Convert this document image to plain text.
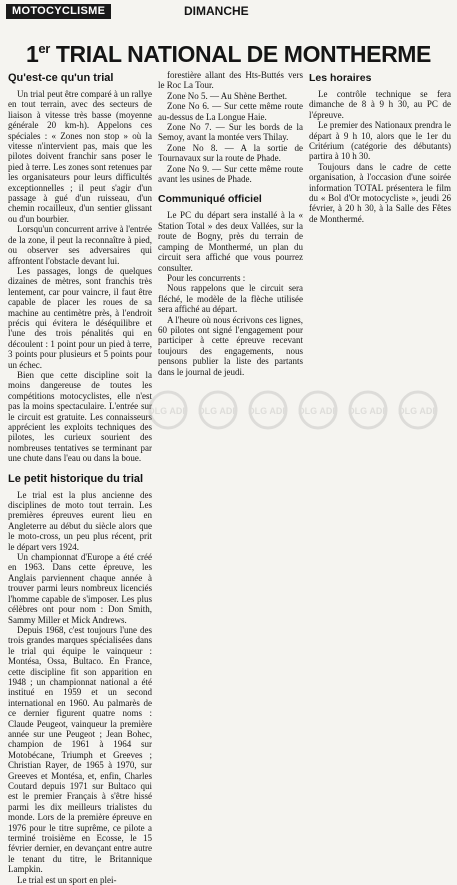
MOTOCYCLISME	DIMANCHE
1er TRIAL NATIONAL DE MONTHERME
Qu'est-ce qu'un trial

Un trial peut être comparé à un rallye en tout terrain, avec des secteurs de liaison à vitesse très basse (moyenne générale 20 km-h). Appelons ces spéciales : « Zones non stop » où la vitesse n'intervient pas, mais que les pilotes doivent franchir sans poser le pied à terre. Les zones sont retenues par les organisateurs pour leurs difficultés exceptionnelles ; il peut s'agir d'un passage à gué d'un ruisseau, d'un chemin rocailleux, d'un sentier glissant ou d'un bourbier.

Lorsqu'un concurrent arrive à l'entrée de la zone, il peut la reconnaître à pied, ou observer ses adversaires qui affrontent l'obstacle devant lui.

Les passages, longs de quelques dizaines de mètres, sont franchis très lentement, car pour vaincre, il faut être capable de placer les roues de sa machine au centimètre près, à l'endroit précis qui évitera le déséquilibre et l'une des trois pénalités qui en découlent : 1 point pour un pied à terre, 3 points pour plusieurs et 5 points pour un échec.

Bien que cette discipline soit la moins dangereuse de toutes les compétitions motocyclistes, elle n'est pas la moins spectaculaire. L'entrée sur le circuit est gratuite. Les connaisseurs apprécient les exploits techniques des pilotes, les curieux sourient des nombreuses tentatives se terminant par une chute dans l'eau ou dans la boue.

Le petit historique du trial

Le trial est la plus ancienne des disciplines de moto tout terrain. Les premières épreuves eurent lieu en Angleterre au début du siècle alors que le moto-cross, un peu plus récent, prit le départ vers 1924.

Un championnat d'Europe a été créé en 1963. Dans cette épreuve, les Anglais parviennent chaque année à trouver parmi leurs nombreux licenciés l'homme capable de s'imposer. Les plus célèbres ont pour nom : Don Smith, Sammy Miller et Mick Andrews.

Depuis 1968, c'est toujours l'une des trois grandes marques spécialisées dans le trial qui équipe le vainqueur : Montésa, Ossa, Bultaco. En France, cette discipline fit son apparition en 1948 ; un championnat national a été institué en 1959 et un second international en 1960. Au palmarès de ce dernier figurent quatre noms : Claude Peugeot, vainqueur la première année sur une Peugeot ; Jean Bohec, champion de 1961 à 1964 sur Motobécane, Triumph et Greeves ; Christian Rayer, de 1965 à 1970, sur Greeves et Montésa, et, enfin, Charles Coutard depuis 1971 sur Bultaco qui est le premier Français à s'être hissé parmi les dix meilleurs trialistes du monde. Lors de la première épreuve en 1976 pour le titre suprême, ce pilote a terminé troisième en Ecosse, le 15 février dernier, en devançant entre autre le tenant du titre, le Britannique Lampkin.

Le trial est un sport en plei-

forestière allant des Hts-Buttés vers le Roc La Tour.

Zone No 5. — Au Shène Berthet.

Zone No 6. — Sur cette même route au-dessus de La Longue Haie.

Zone No 7. — Sur les bords de la Semoy, avant la montée vers Thilay.

Zone No 8. — A la sortie de Tournavaux sur la route de Phade.

Zone No 9. — Sur cette même route avant les usines de Phade.

Communiqué officiel

Le PC du départ sera installé à la « Station Total » des deux Vallées, sur la route de Bogny, près du terrain de camping de Monthermé, un plan du circuit sera affiché que vous pourrez consulter.

Pour les concurrents :

Nous rappelons que le circuit sera fléché, le modèle de la flèche utilisée sera affiché au départ.

A l'heure où nous écrivons ces lignes, 60 pilotes ont signé l'engagement pour participer à cette épreuve recevant toujours des engagements, nous pensons publier la liste des partants dans le journal de jeudi.

Les horaires

Le contrôle technique se fera dimanche de 8 à 9 h 30, au PC de l'épreuve.

Le premier des Nationaux prendra le départ à 9 h 10, alors que le 1er du Critérium (catégorie des débutants) partira à 10 h 30.

Toujours dans le cadre de cette organisation, à l'occasion d'une soirée information TOTAL présentera le film du « Bol d'Or motocycliste », jeudi 26 février, à 20 h 30, à la Salle des Fêtes de Monthermé.

DLG ADF DLG ADF DLG ADF DLG ADF DLG ADF DLG ADF
